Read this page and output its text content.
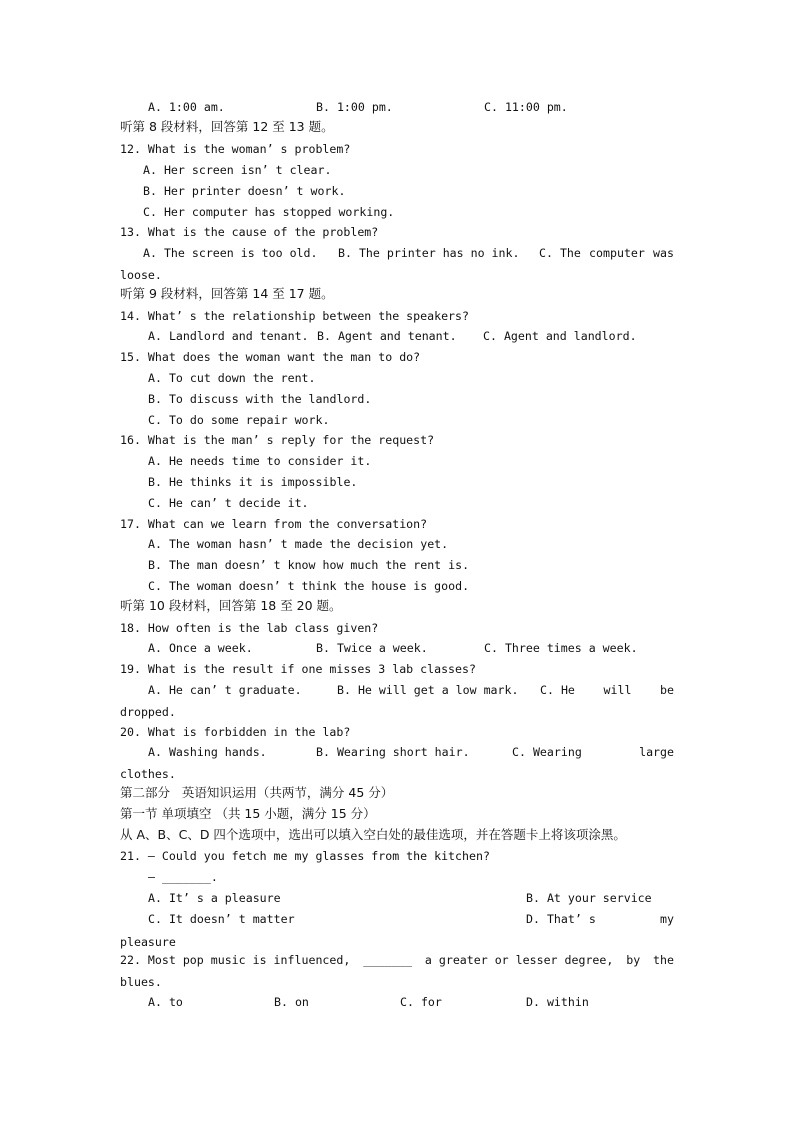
A. 1:00 am.	B. 1:00 pm.	C. 11:00 pm.
听第 8 段材料，回答第 12 至 13 题。
12. What is the woman’ s problem?
A. Her screen isn’ t clear.
B. Her printer doesn’ t work.
C. Her computer has stopped working.
13. What is the cause of the problem?
A. The screen is too old. B. The printer has no ink. C. The computer was
loose.
听第 9 段材料，回答第 14 至 17 题。
14. What’ s the relationship between the speakers?
A. Landlord and tenant. B. Agent and tenant. C. Agent and landlord.
15. What does the woman want the man to do?
A. To cut down the rent.
B. To discuss with the landlord.
C. To do some repair work.
16. What is the man’ s reply for the request?
A. He needs time to consider it.
B. He thinks it is impossible.
C. He can’ t decide it.
17. What can we learn from the conversation?
A. The woman hasn’ t made the decision yet.
B. The man doesn’ t know how much the rent is.
C. The woman doesn’ t think the house is good.
听第 10 段材料，回答第 18 至 20 题。
18. How often is the lab class given?
A. Once a week.	B. Twice a week.	C. Three times a week.
19. What is the result if one misses 3 lab classes?
A. He can’ t graduate.	B. He will get a low mark. C. He will be
dropped.
20. What is forbidden in the lab?
A. Washing hands.	B. Wearing short hair.	C. Wearing	large
clothes.
第二部分   英语知识运用（共两节，满分 45 分）
第一节 单项填空 （共 15 小题，满分 15 分）
从 A、B、C、D 四个选项中，选出可以填入空白处的最佳选项，并在答题卡上将该项涂黑。
21. — Could you fetch me my glasses from the kitchen?
— _______.
A. It’ s a pleasure	B. At your service
C. It doesn’ t matter	D. That’ s	my
pleasure
22. Most pop music is influenced, _______ a greater or lesser degree, by the
blues.
A. to	B. on	C. for	D. within
